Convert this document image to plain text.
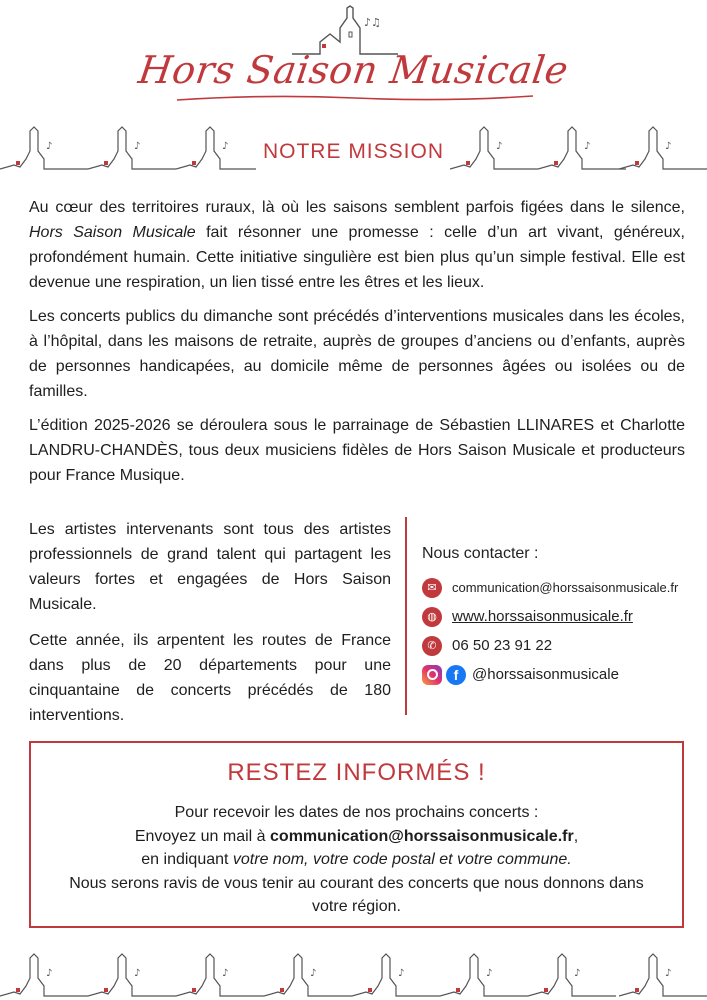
♪♫
Hors Saison Musicale
♪	♪	♪	♪	♪	♪
NOTRE MISSION

Au cœur des territoires ruraux, là où les saisons semblent parfois figées dans le silence, Hors Saison Musicale fait résonner une promesse : celle d’un art vivant, généreux, profondément humain. Cette initiative singulière est bien plus qu’un simple festival. Elle est devenue une respiration, un lien tissé entre les êtres et les lieux.

Les concerts publics du dimanche sont précédés d’interventions musicales dans les écoles, à l’hôpital, dans les maisons de retraite, auprès de groupes d’anciens ou d’enfants, auprès de personnes handicapées, au domicile même de personnes âgées ou isolées ou de familles.

L’édition 2025-2026 se déroulera sous le parrainage de Sébastien LLINARES et Charlotte LANDRU-CHANDÈS, tous deux musiciens fidèles de Hors Saison Musicale et producteurs pour France Musique.

Les artistes intervenants sont tous des artistes professionnels de grand talent qui partagent les valeurs fortes et engagées de Hors Saison Musicale.

Cette année, ils arpentent les routes de France dans plus de 20 départements pour une cinquantaine de concerts précédés de 180 interventions.

Nous contacter :
✉	communication@horssaisonmusicale.fr
◍	www.horssaisonmusicale.fr
✆	06 50 23 91 22
f @horssaisonmusicale
RESTEZ INFORMÉS !
Pour recevoir les dates de nos prochains concerts :
Envoyez un mail à communication@horssaisonmusicale.fr,
en indiquant votre nom, votre code postal et votre commune.
Nous serons ravis de vous tenir au courant des concerts que nous donnons dans votre région.
♪	♪	♪	♪	♪	♪	♪	♪
